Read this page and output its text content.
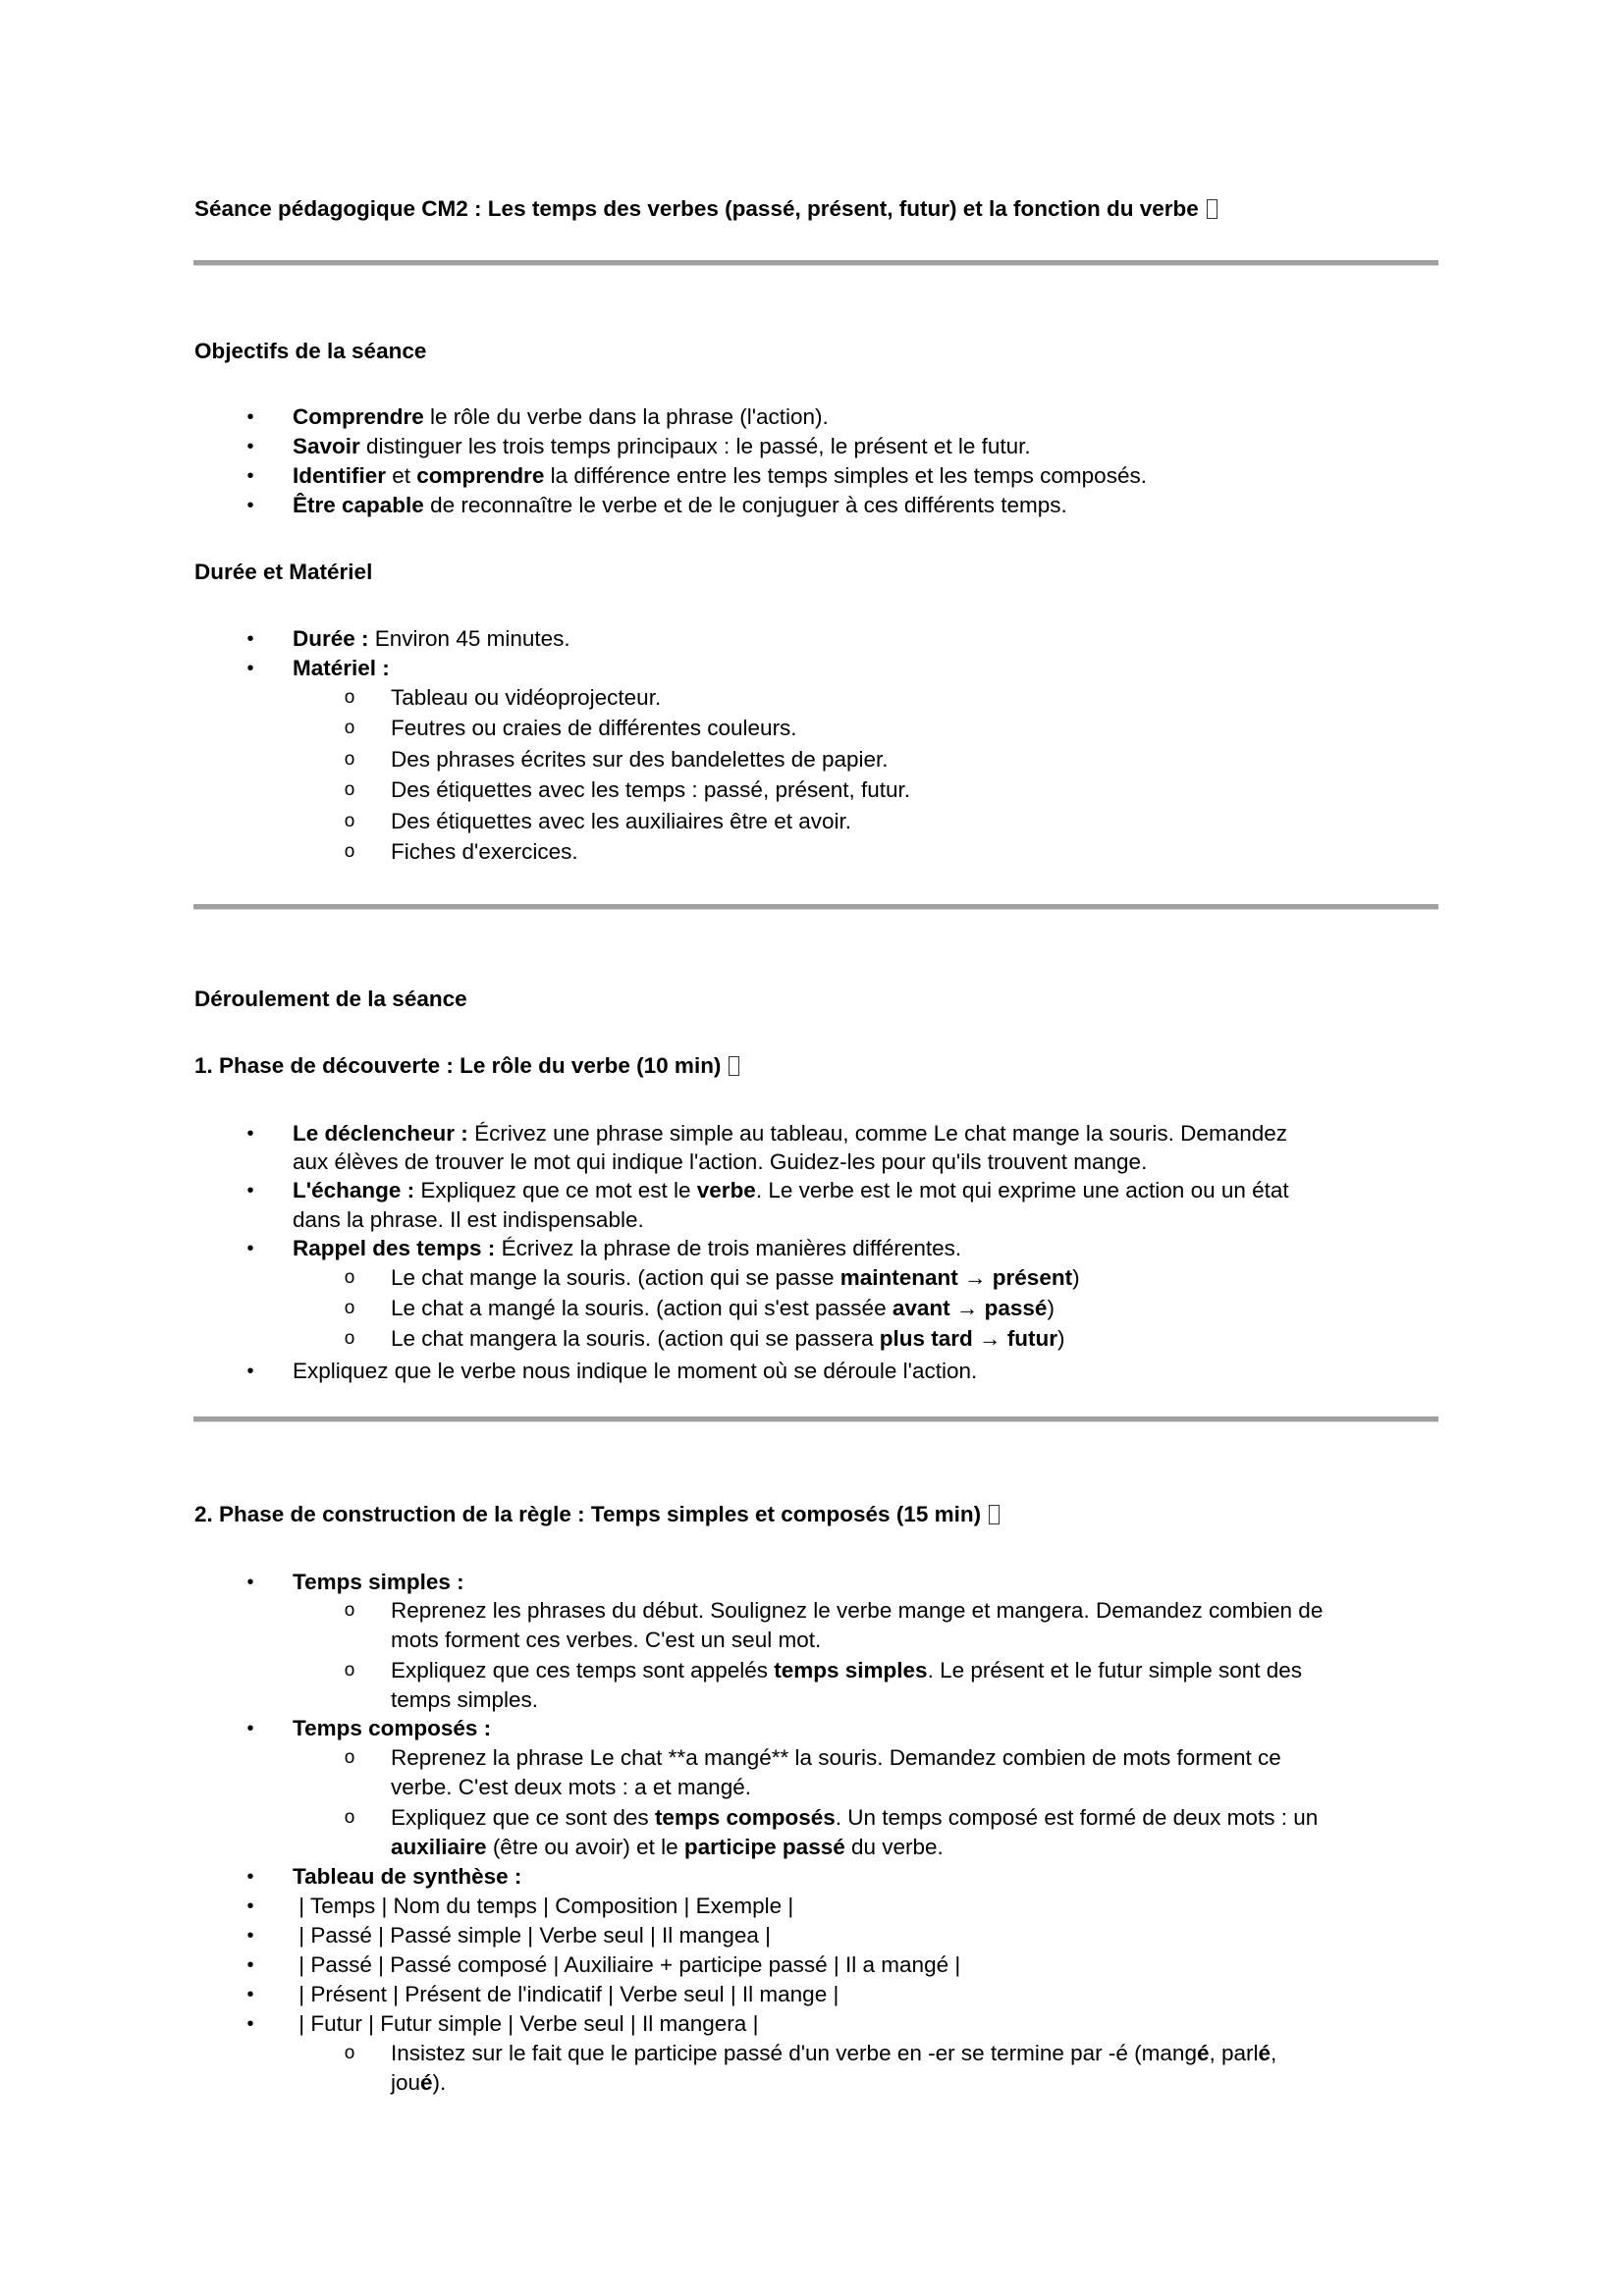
Séance pédagogique CM2 : Les temps des verbes (passé, présent, futur) et la fonction du verbe
Objectifs de la séance
• Comprendre le rôle du verbe dans la phrase (l'action).
• Savoir distinguer les trois temps principaux : le passé, le présent et le futur.
• Identifier et comprendre la différence entre les temps simples et les temps composés.
• Être capable de reconnaître le verbe et de le conjuguer à ces différents temps.
Durée et Matériel
• Durée : Environ 45 minutes.
• Matériel :
o Tableau ou vidéoprojecteur.
o Feutres ou craies de différentes couleurs.
o Des phrases écrites sur des bandelettes de papier.
o Des étiquettes avec les temps : passé, présent, futur.
o Des étiquettes avec les auxiliaires être et avoir.
o Fiches d'exercices.
Déroulement de la séance
1. Phase de découverte : Le rôle du verbe (10 min)
• Le déclencheur : Écrivez une phrase simple au tableau, comme Le chat mange la souris. Demandez
aux élèves de trouver le mot qui indique l'action. Guidez-les pour qu'ils trouvent mange.
• L'échange : Expliquez que ce mot est le verbe. Le verbe est le mot qui exprime une action ou un état
dans la phrase. Il est indispensable.
• Rappel des temps : Écrivez la phrase de trois manières différentes.
o Le chat mange la souris. (action qui se passe maintenant → présent)
o Le chat a mangé la souris. (action qui s'est passée avant → passé)
o Le chat mangera la souris. (action qui se passera plus tard → futur)
• Expliquez que le verbe nous indique le moment où se déroule l'action.
2. Phase de construction de la règle : Temps simples et composés (15 min)
• Temps simples :
o Reprenez les phrases du début. Soulignez le verbe mange et mangera. Demandez combien de
mots forment ces verbes. C'est un seul mot.
o Expliquez que ces temps sont appelés temps simples. Le présent et le futur simple sont des
temps simples.
• Temps composés :
o Reprenez la phrase Le chat **a mangé** la souris. Demandez combien de mots forment ce
verbe. C'est deux mots : a et mangé.
o Expliquez que ce sont des temps composés. Un temps composé est formé de deux mots : un
auxiliaire (être ou avoir) et le participe passé du verbe.
• Tableau de synthèse :
• | Temps | Nom du temps | Composition | Exemple |
• | Passé | Passé simple | Verbe seul | Il mangea |
• | Passé | Passé composé | Auxiliaire + participe passé | Il a mangé |
• | Présent | Présent de l'indicatif | Verbe seul | Il mange |
• | Futur | Futur simple | Verbe seul | Il mangera |
o Insistez sur le fait que le participe passé d'un verbe en -er se termine par -é (mangé, parlé,
joué).
